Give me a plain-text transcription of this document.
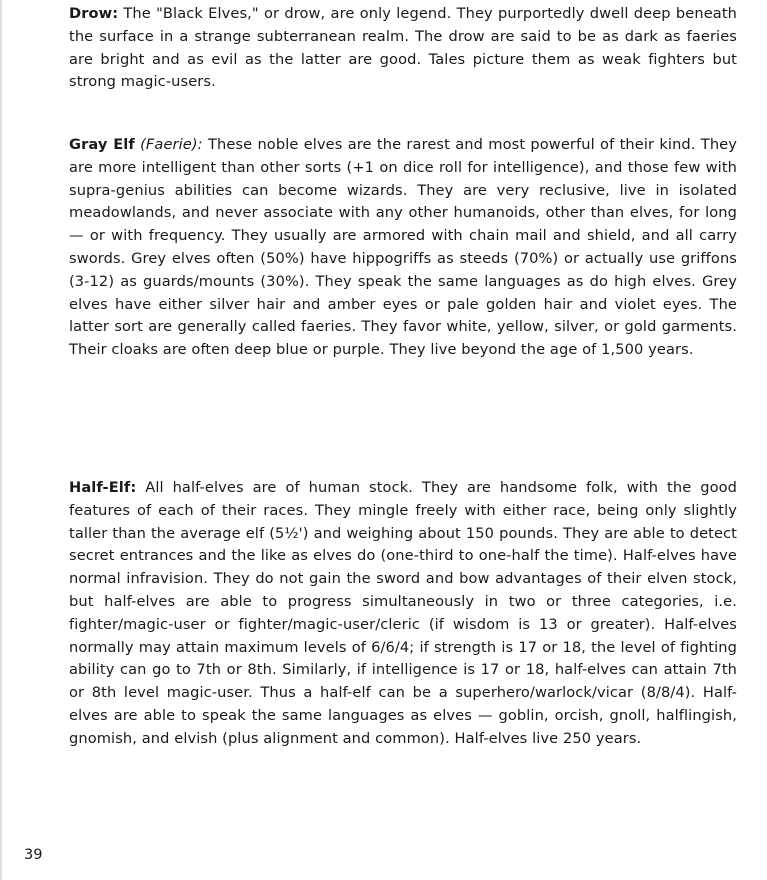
Drow: The "Black Elves," or drow, are only legend. They purportedly dwell deep beneath the surface in a strange subterranean realm. The drow are said to be as dark as faeries are bright and as evil as the latter are good. Tales picture them as weak fighters but strong magic-users.

Gray Elf (Faerie): These noble elves are the rarest and most powerful of their kind. They are more intelligent than other sorts (+1 on dice roll for intelligence), and those few with supra-genius abilities can become wizards. They are very reclusive, live in isolated meadowlands, and never associate with any other humanoids, other than elves, for long — or with frequency. They usually are armored with chain mail and shield, and all carry swords. Grey elves often (50%) have hippogriffs as steeds (70%) or actually use griffons (3-12) as guards/mounts (30%). They speak the same languages as do high elves. Grey elves have either silver hair and amber eyes or pale golden hair and violet eyes. The latter sort are generally called faeries. They favor white, yellow, silver, or gold garments. Their cloaks are often deep blue or purple. They live beyond the age of 1,500 years.

Half-Elf: All half-elves are of human stock. They are handsome folk, with the good features of each of their races. They mingle freely with either race, being only slightly taller than the average elf (5½') and weighing about 150 pounds. They are able to detect secret entrances and the like as elves do (one-third to one-half the time). Half-elves have normal infravision. They do not gain the sword and bow advantages of their elven stock, but half-elves are able to progress simultaneously in two or three categories, i.e. fighter/magic-user or fighter/magic-user/cleric (if wisdom is 13 or greater). Half-elves normally may attain maximum levels of 6/6/4; if strength is 17 or 18, the level of fighting ability can go to 7th or 8th. Similarly, if intelligence is 17 or 18, half-elves can attain 7th or 8th level magic-user. Thus a half-elf can be a superhero/warlock/vicar (8/8/4). Half-elves are able to speak the same languages as elves — goblin, orcish, gnoll, halflingish, gnomish, and elvish (plus alignment and common). Half-elves live 250 years.

39
